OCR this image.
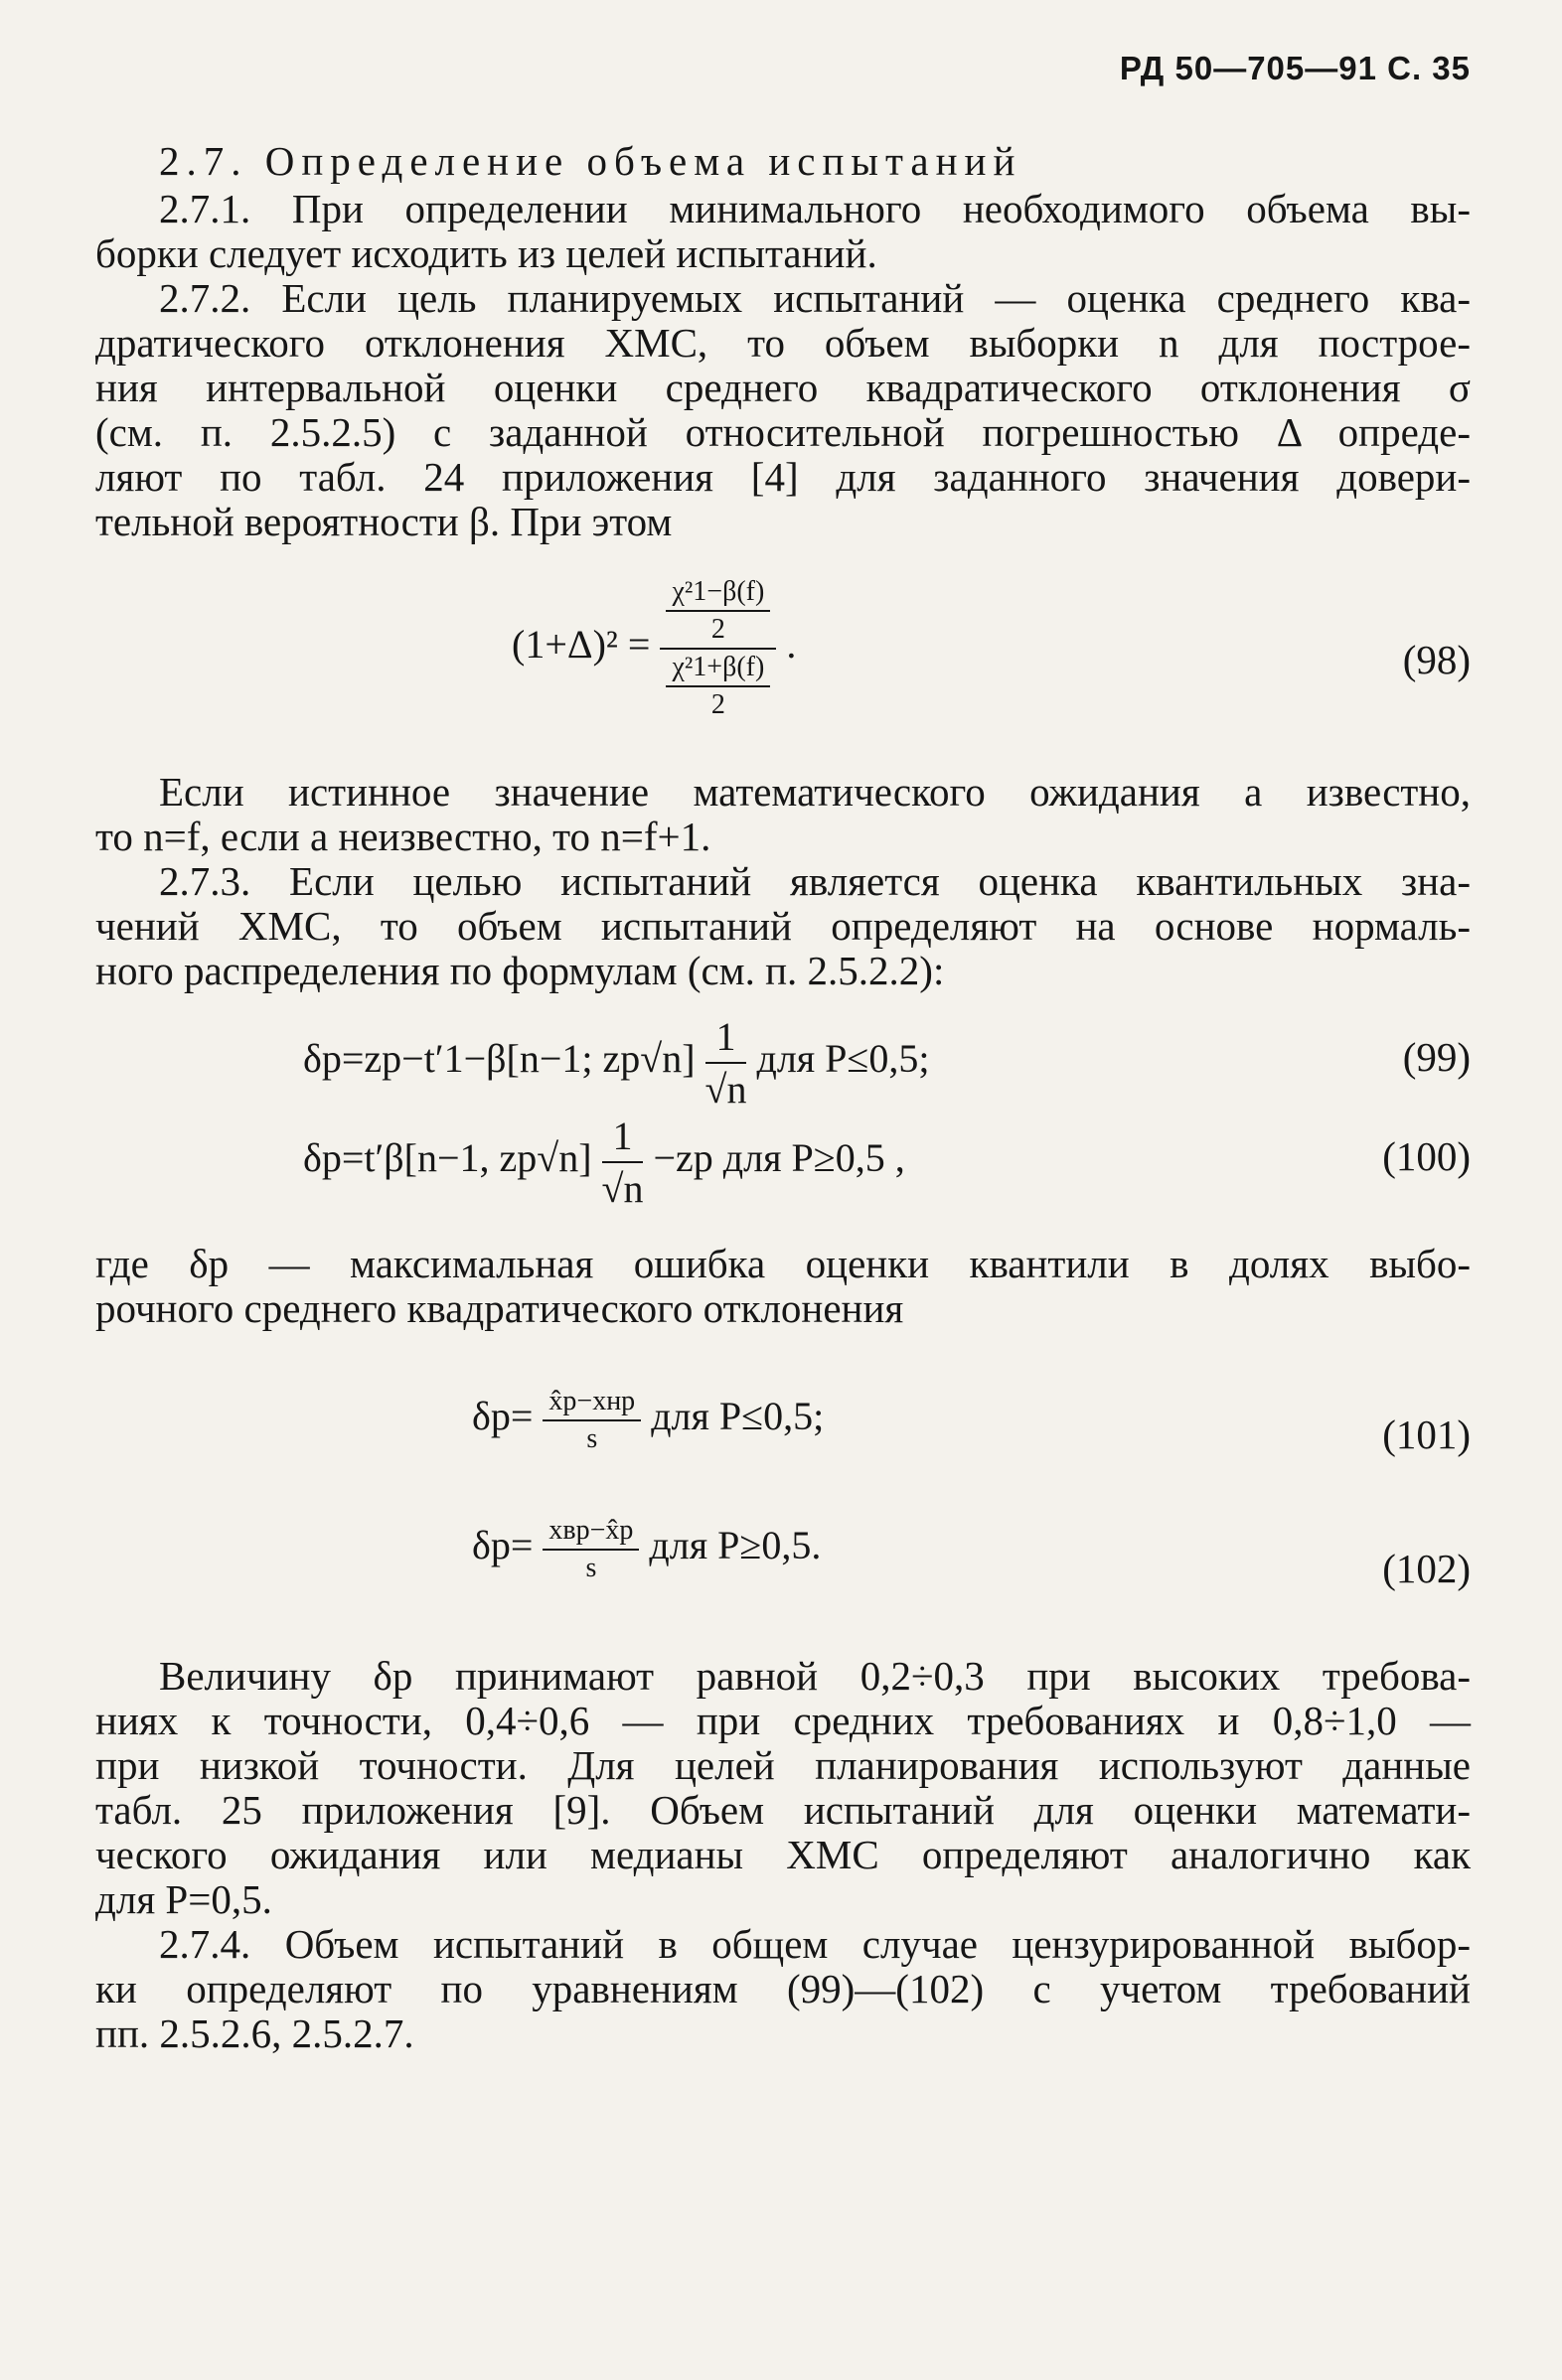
РД 50—705—91 С. 35
2.7. Определение объема испытаний
2.7.1. При определении минимального необходимого объема вы-
борки следует исходить из целей испытаний.
2.7.2. Если цель планируемых испытаний — оценка среднего ква-
дратического отклонения ХМС, то объем выборки n для построе-
ния интервальной оценки среднего квадратического отклонения σ
(см. п. 2.5.2.5) с заданной относительной погрешностью Δ опреде-
ляют по табл. 24 приложения [4] для заданного значения довери-
тельной вероятности β. При этом
$(1+\Delta)^2 = \frac{\frac{\text{χ²1−β(f)}}{2}}{\frac{\text{χ²1+β(f)}}{2}}$ .	(98)
Если истинное значение математического ожидания a известно,
то n=f, если a неизвестно, то n=f+1.
2.7.3. Если целью испытаний является оценка квантильных зна-
чений ХМС, то объем испытаний определяют на основе нормаль-
ного распределения по формулам (см. п. 2.5.2.2):
δp=zp−t′1−β[n−1; $zp√n] \frac{1}{√n}$ для P≤0,5;	(99)
δp=t′β[n−1, $zp√n] \frac{1}{√n} -zp$ для P≥0,5 ,	(100)
где δp — максимальная ошибка оценки квантили в долях выбо-
рочного среднего квадратического отклонения
$\delta p= \frac{\text{x̂p−xнp}}{s}$ для P≤0,5;	(101)
$\delta p= \frac{\text{xвp−x̂p}}{s}$ для P≥0,5.
(102)
Величину δp принимают равной 0,2÷0,3 при высоких требова-
ниях к точности, 0,4÷0,6 — при средних требованиях и 0,8÷1,0 —
при низкой точности. Для целей планирования используют данные
табл. 25 приложения [9]. Объем испытаний для оценки математи-
ческого ожидания или медианы ХМС определяют аналогично как
для P=0,5.
2.7.4. Объем испытаний в общем случае цензурированной выбор-
ки определяют по уравнениям (99)—(102) с учетом требований
пп. 2.5.2.6, 2.5.2.7.
